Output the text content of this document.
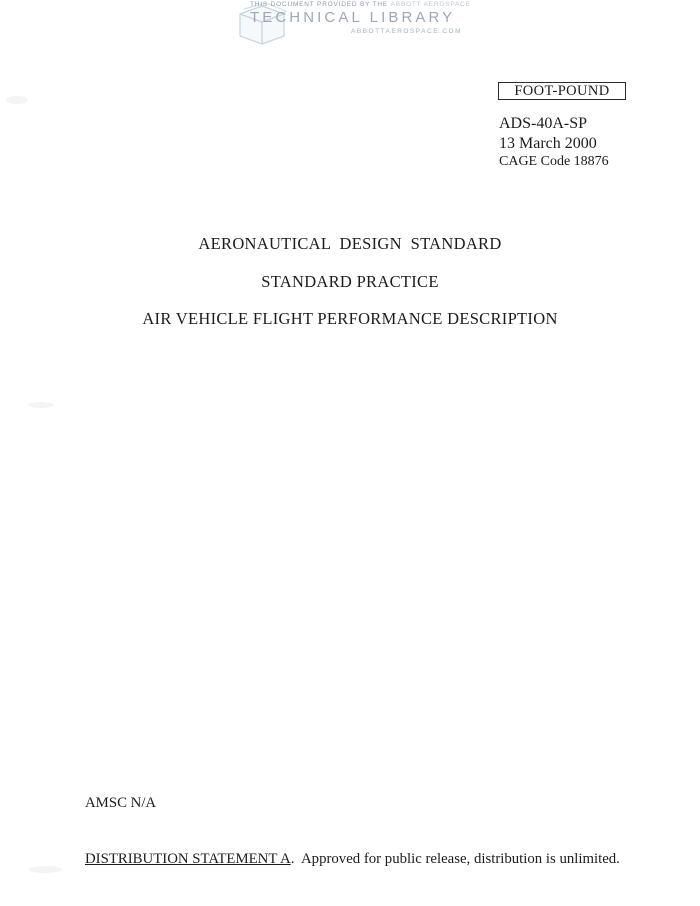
THIS DOCUMENT PROVIDED BY THE ABBOTT AEROSPACE
TECHNICAL LIBRARY
ABBOTTAEROSPACE.COM
FOOT-POUND
ADS-40A-SP
13 March 2000
CAGE Code 18876
AERONAUTICAL  DESIGN  STANDARD
STANDARD PRACTICE
AIR VEHICLE FLIGHT PERFORMANCE DESCRIPTION

AMSC N/A

DISTRIBUTION STATEMENT A.  Approved for public release, distribution is unlimited.
